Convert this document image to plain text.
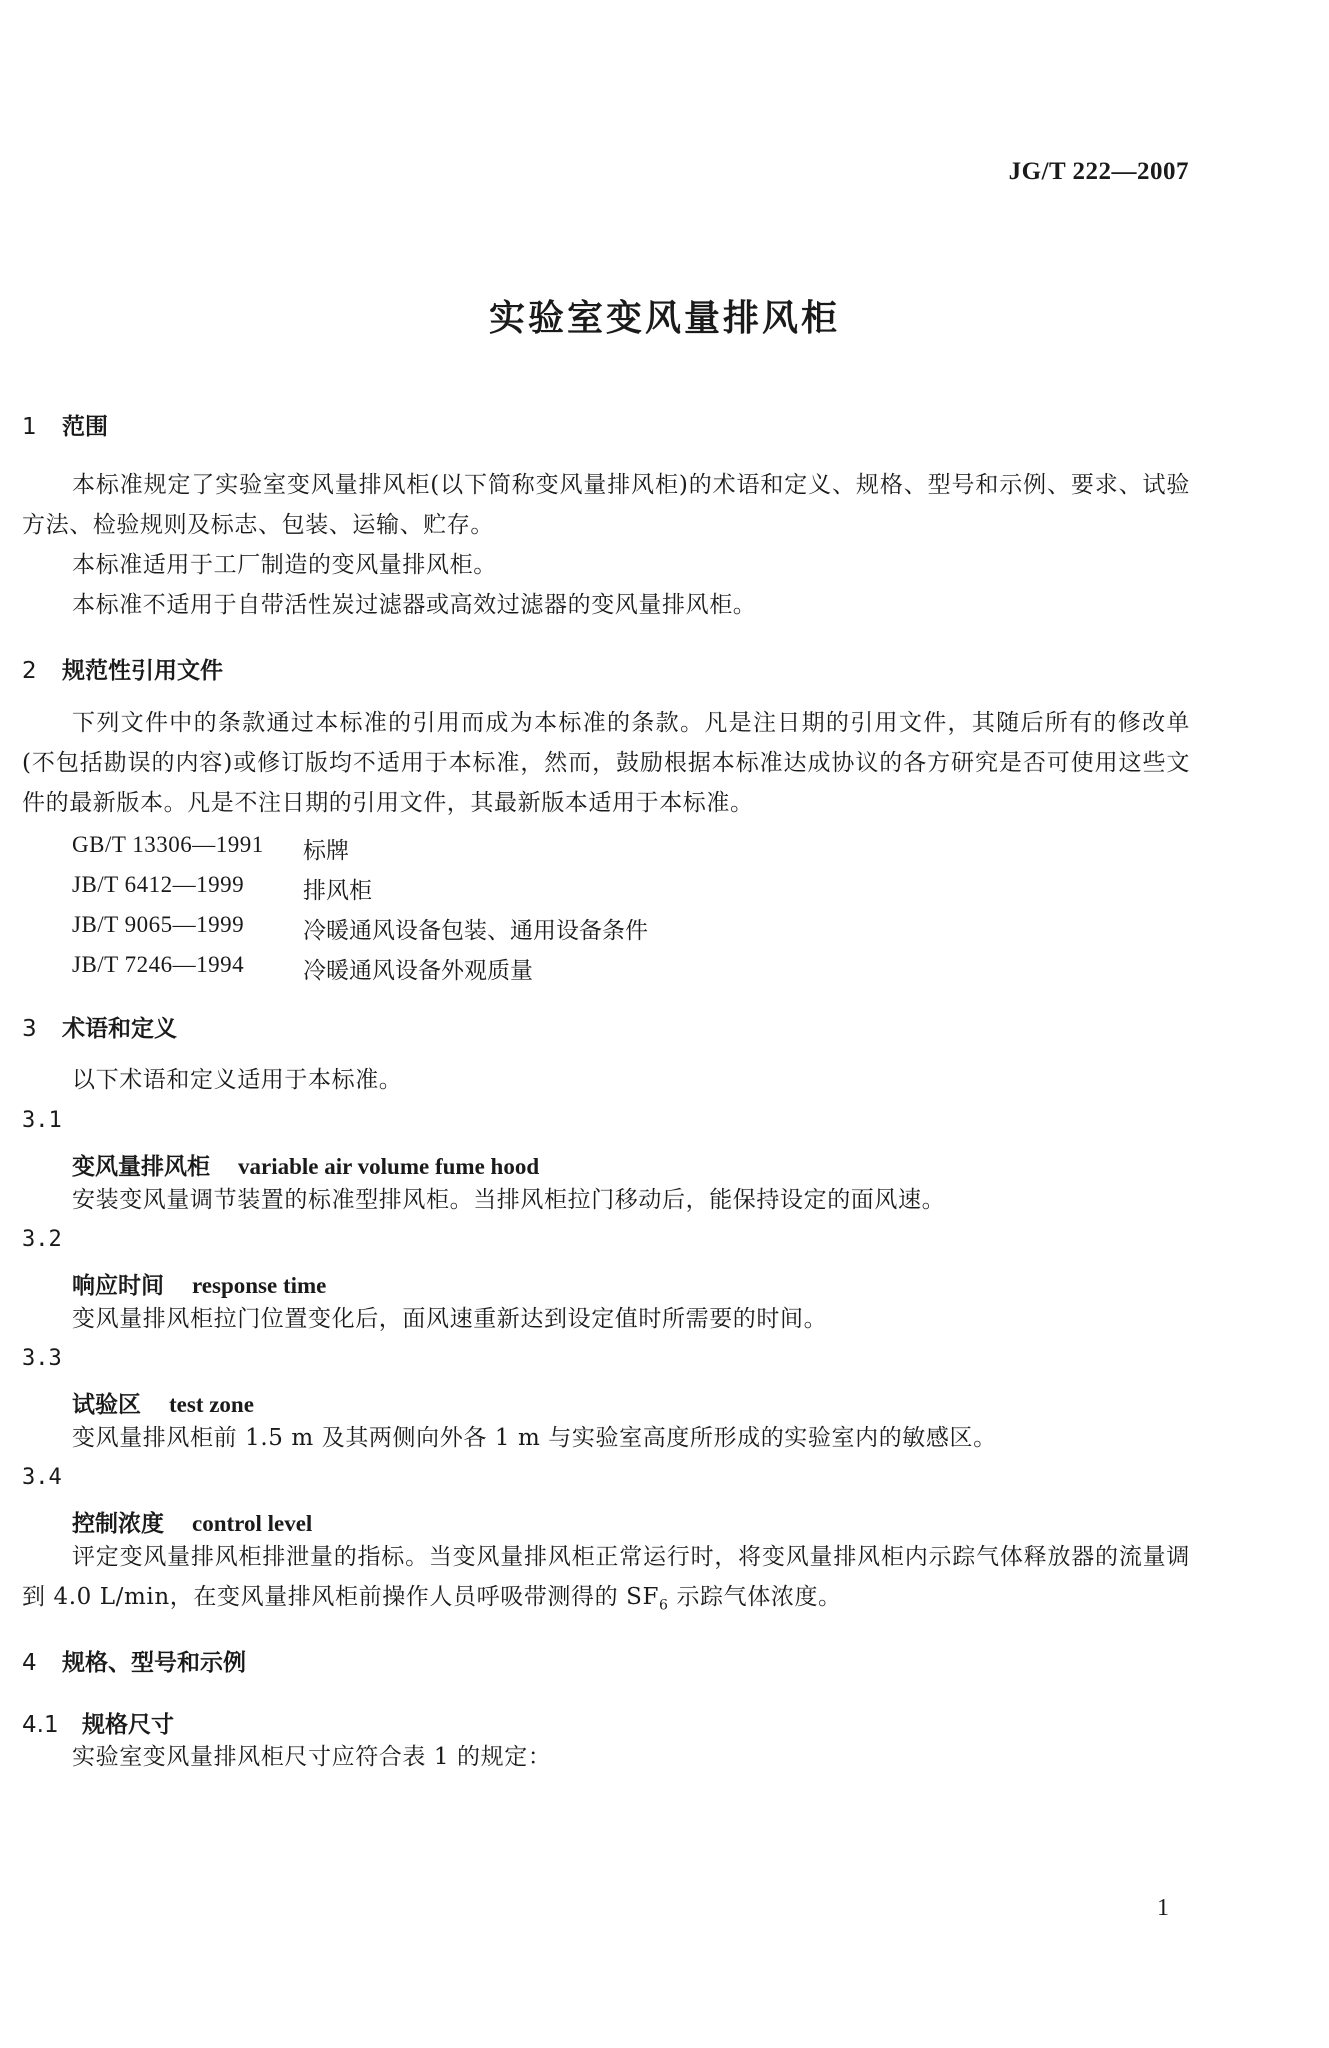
JG/T 222—2007
实验室变风量排风柜
1 范围
本标准规定了实验室变风量排风柜(以下简称变风量排风柜)的术语和定义、规格、型号和示例、要求、试验方法、检验规则及标志、包装、运输、贮存。
本标准适用于工厂制造的变风量排风柜。
本标准不适用于自带活性炭过滤器或高效过滤器的变风量排风柜。
2 规范性引用文件
下列文件中的条款通过本标准的引用而成为本标准的条款。凡是注日期的引用文件，其随后所有的修改单(不包括勘误的内容)或修订版均不适用于本标准，然而，鼓励根据本标准达成协议的各方研究是否可使用这些文件的最新版本。凡是不注日期的引用文件，其最新版本适用于本标准。
GB/T 13306—1991	标牌
JB/T 6412—1999	排风柜
JB/T 9065—1999	冷暖通风设备包装、通用设备条件
JB/T 7246—1994	冷暖通风设备外观质量
3 术语和定义
以下术语和定义适用于本标准。
3.1
变风量排风柜 variable air volume fume hood
安装变风量调节装置的标准型排风柜。当排风柜拉门移动后，能保持设定的面风速。
3.2
响应时间 response time
变风量排风柜拉门位置变化后，面风速重新达到设定值时所需要的时间。
3.3
试验区 test zone
变风量排风柜前 1.5 m 及其两侧向外各 1 m 与实验室高度所形成的实验室内的敏感区。
3.4
控制浓度 control level
评定变风量排风柜排泄量的指标。当变风量排风柜正常运行时，将变风量排风柜内示踪气体释放器的流量调到 4.0 L/min，在变风量排风柜前操作人员呼吸带测得的 $SF_6$ 示踪气体浓度。
4 规格、型号和示例
4.1 规格尺寸
实验室变风量排风柜尺寸应符合表 1 的规定：
1
